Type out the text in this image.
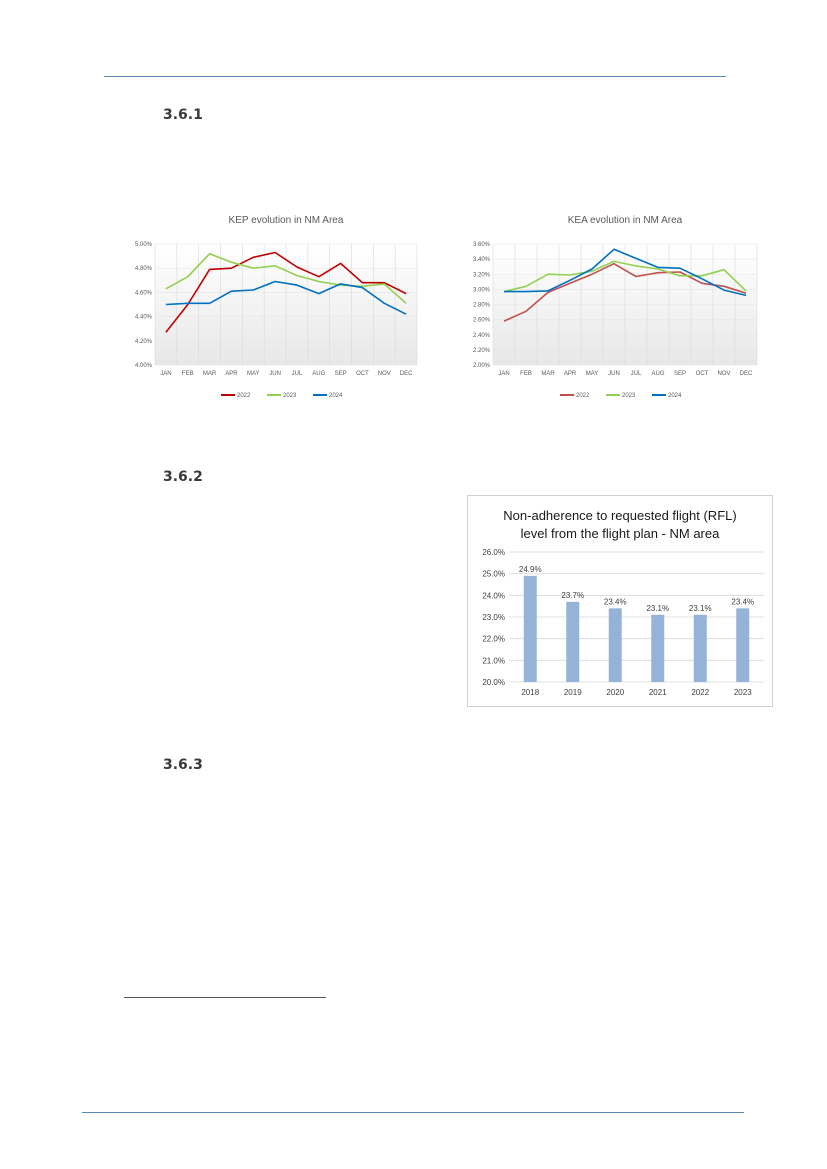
3.6.1
3.6.2
3.6.3
4.00%
4.20%
4.40%
4.60%
4.80%
5.00%
JAN FEB MAR APR MAY JUN JUL AUG SEP OCT NOV DEC
KEP evolution in NM Area
2022	2023	2024
2.00%
2.20%
2.40%
2.60%
2.80%
3.00%
3.20%
3.40%
3.60%
JAN FEB MAR APR MAY JUN JUL AUG SEP OCT NOV DEC
KEA evolution in NM Area
2022	2023	2024
Non-adherence to requested flight (RFL)
level from the flight plan - NM area
20.0%
21.0%
22.0%
23.0%
24.0%
25.0%
26.0%
24.9%
2018
23.7%
2019
23.4%
2020
23.1%
2021
23.1%
2022
23.4%
2023
